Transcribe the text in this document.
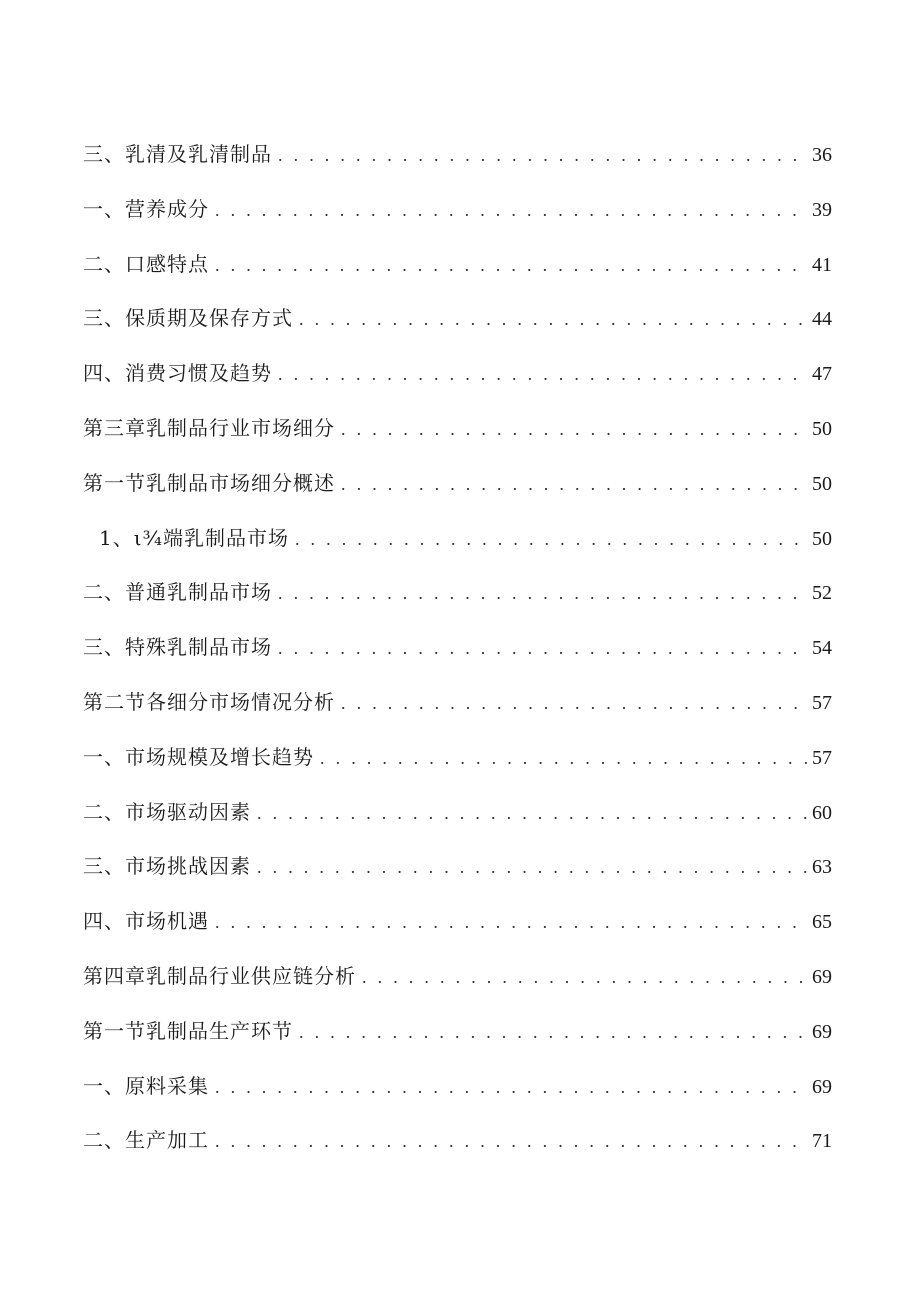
三、乳清及乳清制品 . . .	36
一、营养成分 . . .	39
二、口感特点 . . .	41
三、保质期及保存方式 . . .	44
四、消费习惯及趋势 . . .	47
第三章乳制品行业市场细分 . . .	50
第一节乳制品市场细分概述 . . .	50
1、ι¾端乳制品市场 . . .	50
二、普通乳制品市场 . . .	52
三、特殊乳制品市场 . . .	54
第二节各细分市场情况分析 . . .	57
一、市场规模及增长趋势 . . .	57
二、市场驱动因素 . . .	60
三、市场挑战因素 . . .	63
四、市场机遇 . . .	65
第四章乳制品行业供应链分析 . . .	69
第一节乳制品生产环节 . . .	69
一、原料采集 . . .	69
二、生产加工 . . .	71
